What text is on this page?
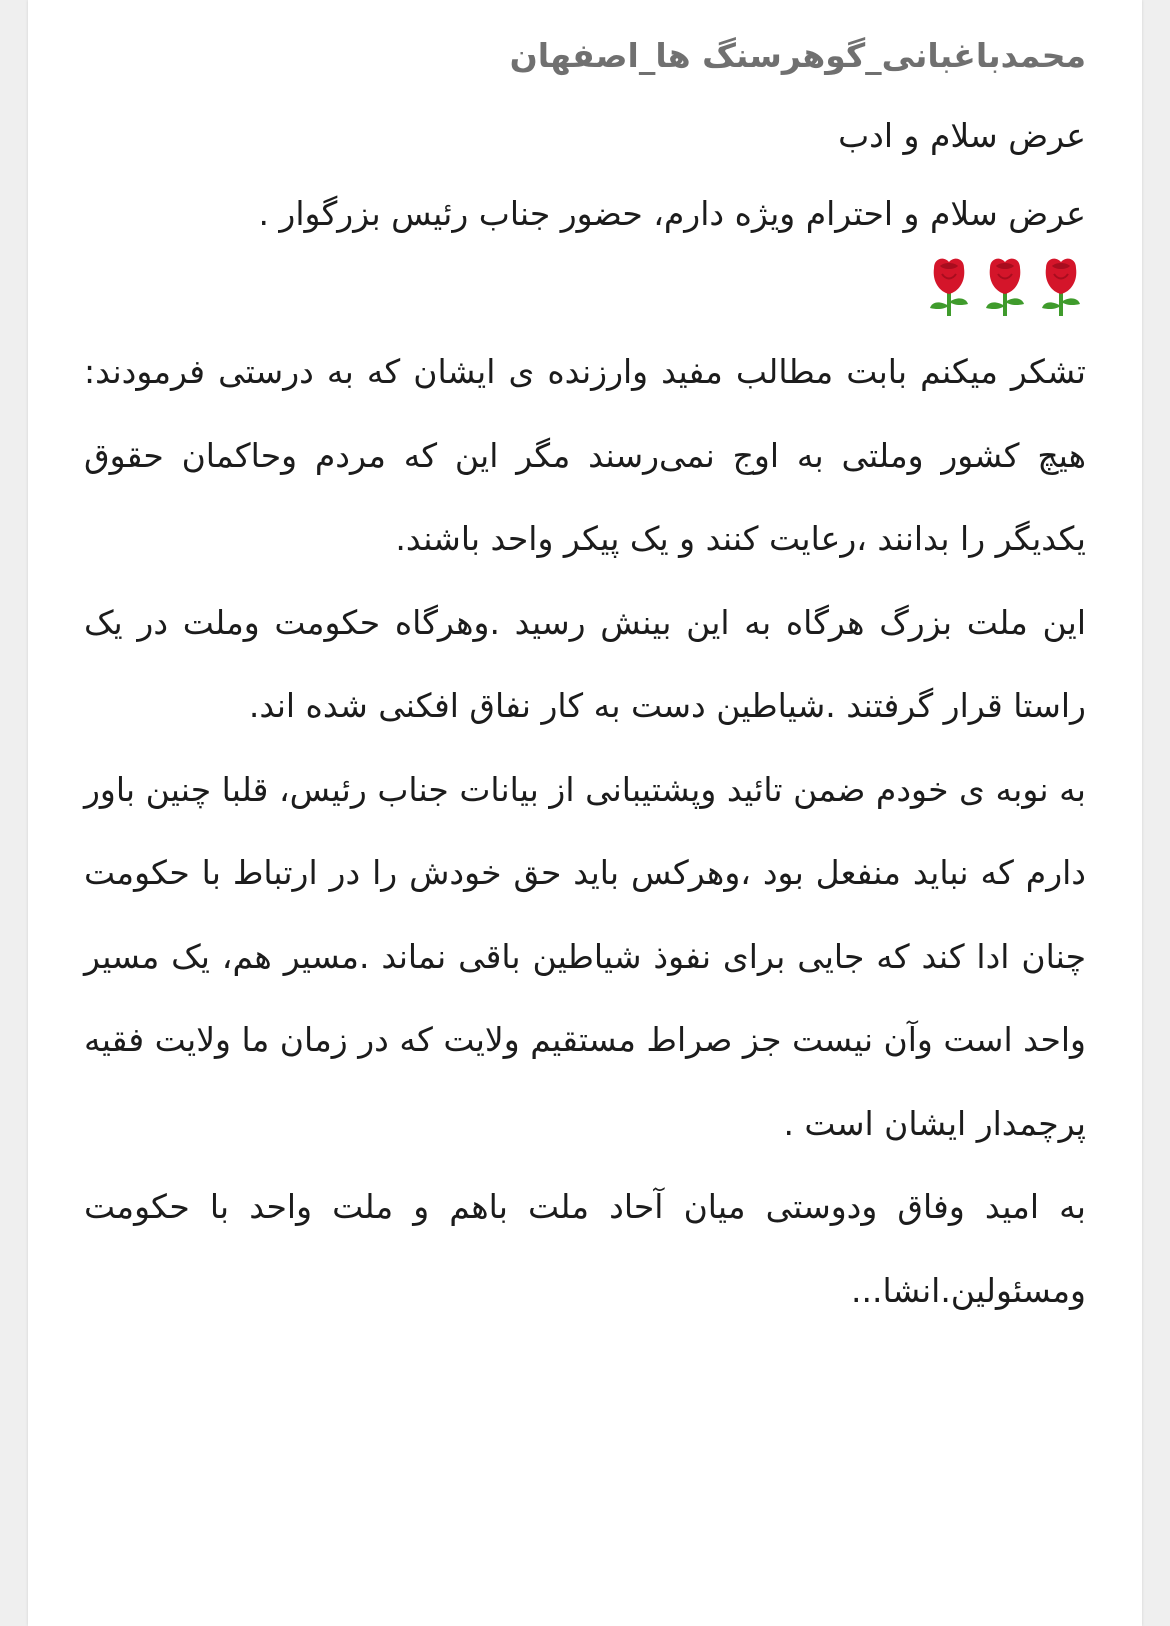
محمدباغبانی_گوهرسنگ ها_اصفهان

عرض سلام و ادب

عرض سلام و احترام ویژه دارم، حضور جناب رئیس بزرگوار .

تشکر میکنم بابت مطالب مفید وارزنده ی ایشان که به درستی فرمودند: هیچ کشور وملتی به اوج نمی‌رسند مگر این که مردم وحاکمان حقوق یکدیگر را بدانند ،رعایت کنند و یک پیکر واحد باشند.

این ملت بزرگ هرگاه به این بینش رسید .وهرگاه حکومت وملت در یک راستا قرار گرفتند .شیاطین دست به کار نفاق افکنی شده اند.

به نوبه ی خودم ضمن تائید وپشتیبانی از بیانات جناب رئیس، قلبا چنین باور دارم که نباید منفعل بود ،وهرکس باید حق خودش را در ارتباط با حکومت چنان ادا کند که جایی برای نفوذ شیاطین باقی نماند .مسیر هم، یک مسیر واحد است وآن نیست جز صراط مستقیم ولایت که در زمان ما ولایت فقیه پرچمدار ایشان است .

به امید وفاق ودوستی میان آحاد ملت باهم و ملت واحد با حکومت ومسئولین.انشا...
